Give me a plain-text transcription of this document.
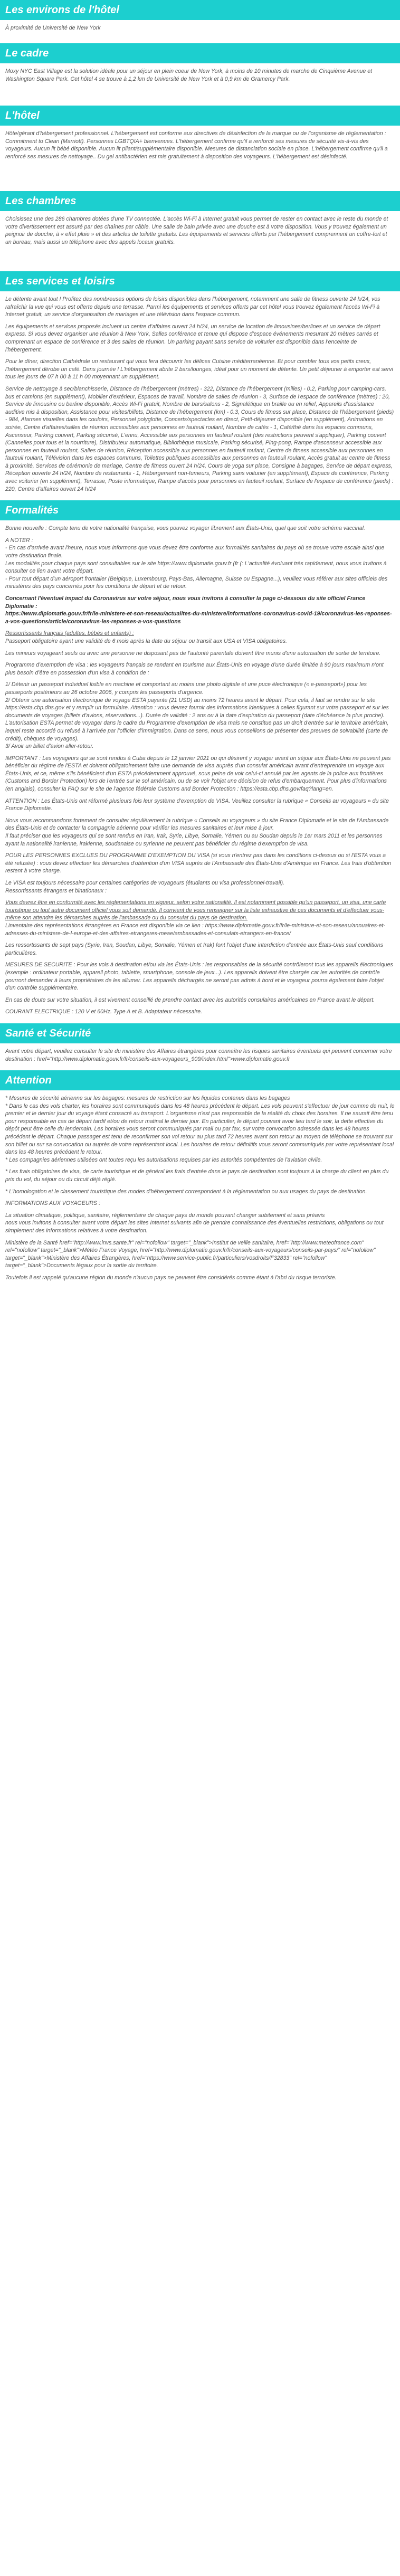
Les environs de l'hôtel

À proximité de Université de New York

Le cadre

Moxy NYC East Village est la solution idéale pour un séjour en plein coeur de New York, à moins de 10 minutes de marche de Cinquième Avenue et Washington Square Park. Cet hôtel 4 se trouve à 1,2 km de Université de New York et à 0,9 km de Gramercy Park.

L'hôtel

Hôte/gérant d'hébergement professionnel. L'hébergement est conforme aux directives de désinfection de la marque ou de l'organisme de réglementation : Commitment to Clean (Marriott). Personnes LGBTQIA+ bienvenues. L'hébergement confirme qu'il a renforcé ses mesures de sécurité vis-à-vis des voyageurs. Aucun lit bébé disponible. Aucun lit pliant/supplémentaire disponible. Mesures de distanciation sociale en place. L'hébergement confirme qu'il a renforcé ses mesures de nettoyage.. Du gel antibactérien est mis gratuitement à disposition des voyageurs. L'hébergement est désinfecté.

Les chambres

Choisissez une des 286 chambres dotées d'une TV connectée. L'accès Wi-Fi à Internet gratuit vous permet de rester en contact avec le reste du monde et votre divertissement est assuré par des chaînes par câble. Une salle de bain privée avec une douche est à votre disposition. Vous y trouvez également un peignoir de douche, à « effet pluie » et des articles de toilette gratuits. Les équipements et services offerts par l'hébergement comprennent un coffre-fort et un bureau, mais aussi un téléphone avec des appels locaux gratuits.

Les services et loisirs

Le détente avant tout ! Profitez des nombreuses options de loisirs disponibles dans l'hébergement, notamment une salle de fitness ouverte 24 h/24, vos rafraîchir la vue qui vous est offerte depuis une terrasse. Parmi les équipements et services offerts par cet hôtel vous trouvez également l'accès Wi-Fi à Internet gratuit, un service d'organisation de mariages et une télévision dans l'espace commun.

Les équipements et services proposés incluent un centre d'affaires ouvert 24 h/24, un service de location de limousines/berlines et un service de départ express. Si vous devez organiser une réunion à New York, Salles conférence et tenue qui dispose d'espace événements mesurant 20 mètres carrés et comprenant un espace de conférence et 3 des salles de réunion. Un parking payant sans service de voiturier est disponible dans l'enceinte de l'hébergement.

Pour le dîner, direction Cathédrale un restaurant qui vous fera découvrir les délices Cuisine méditerranéenne. Et pour combler tous vos petits creux, l'hébergement dérobe un café. Dans journée ! L'hébergement abrite 2 bars/lounges, idéal pour un moment de détente. Un petit déjeuner à emporter est servi tous les jours de 07 h 00 à 11 h 00 moyennant un supplément.

Service de nettoyage à sec/blanchisserie, Distance de l'hébergement (mètres) - 322, Distance de l'hébergement (milles) - 0.2, Parking pour camping-cars, bus et camions (en supplément), Mobilier d'extérieur, Espaces de travail, Nombre de salles de réunion - 3, Surface de l'espace de conférence (mètres) : 20, Service de limousine ou berline disponible, Accès Wi-Fi gratuit, Nombre de bars/salons - 2, Signalétique en braille ou en relief, Appareils d'assistance auditive mis à disposition, Assistance pour visites/billets, Distance de l'hébergement (km) - 0.3, Cours de fitness sur place, Distance de l'hébergement (pieds) - 984, Alarmes visuelles dans les couloirs, Personnel polyglotte, Concerts/spectacles en direct, Petit-déjeuner disponible (en supplément), Animations en soirée, Centre d'affaires/salles de réunion accessibles aux personnes en fauteuil roulant, Nombre de cafés - 1, Café/thé dans les espaces communs, Ascenseur, Parking couvert, Parking sécurisé, L'ennu, Accessible aux personnes en fauteuil roulant (des restrictions peuvent s'appliquer), Parking couvert (Cannelles pour tous et la nourriture), Distributeur automatique, Bibliothèque musicale, Parking sécurisé, Ping-pong, Rampe d'ascenseur accessible aux personnes en fauteuil roulant, Salles de réunion, Réception accessible aux personnes en fauteuil roulant, Centre de fitness accessible aux personnes en fauteuil roulant, Télévision dans les espaces communs, Toilettes publiques accessibles aux personnes en fauteuil roulant, Accès gratuit au centre de fitness à proximité, Services de cérémonie de mariage, Centre de fitness ouvert 24 h/24, Cours de yoga sur place, Consigne à bagages, Service de départ express, Réception ouverte 24 h/24, Nombre de restaurants - 1, Hébergement non-fumeurs, Parking sans voiturier (en supplément), Espace de conférence, Parking avec voiturier (en supplément), Terrasse, Poste informatique, Rampe d'accès pour personnes en fauteuil roulant, Surface de l'espace de conférence (pieds) : 220, Centre d'affaires ouvert 24 h/24

Formalités

Bonne nouvelle : Compte tenu de votre nationalité française, vous pouvez voyager librement aux États-Unis, quel que soit votre schéma vaccinal.

A NOTER :

- En cas d'arrivée avant l'heure, nous vous informons que vous devez être conforme aux formalités sanitaires du pays où se trouve votre escale ainsi que votre destination finale.

Les modalités pour chaque pays sont consultables sur le site https://www.diplomatie.gouv.fr (fr (: L'actualité évoluant très rapidement, nous vous invitons à consulter ce lien avant votre départ.

- Pour tout départ d'un aéroport frontalier (Belgique, Luxembourg, Pays-Bas, Allemagne, Suisse ou Espagne...), veuillez vous référer aux sites officiels des ministères des pays concernés pour les conditions de départ et de retour.

Concernant l'éventuel impact du Coronavirus sur votre séjour, nous vous invitons à consulter la page ci-dessous du site officiel France Diplomatie :

https://www.diplomatie.gouv.fr/fr/le-ministere-et-son-reseau/actualites-du-ministere/informations-coronavirus-covid-19/coronavirus-les-reponses-a-vos-questions/article/coronavirus-les-reponses-a-vos-questions

Ressortissants français (adultes, bébés et enfants) :

Passeport obligatoire ayant une validité de 6 mois après la date du séjour ou transit aux USA et VISA obligatoires.

Les mineurs voyageant seuls ou avec une personne ne disposant pas de l'autorité parentale doivent être munis d'une autorisation de sortie de territoire.

Programme d'exemption de visa : les voyageurs français se rendant en tourisme aux États-Unis en voyage d'une durée limitée à 90 jours maximum n'ont plus besoin d'être en possession d'un visa à condition de :

1/ Détenir un passeport individuel lisible en machine et comportant au moins une photo digitale et une puce électronique (« e-passeport») pour les passeports postérieurs au 26 octobre 2006, y compris les passeports d'urgence.

2/ Obtenir une autorisation électronique de voyage ESTA payante (21 USD) au moins 72 heures avant le départ. Pour cela, il faut se rendre sur le site https://esta.cbp.dhs.gov et y remplir un formulaire. Attention : vous devrez fournir des informations identiques à celles figurant sur votre passeport et sur les documents de voyages (billets d'avions, réservations...). Durée de validité : 2 ans ou à la date d'expiration du passeport (date d'échéance la plus proche).

L'autorisation ESTA permet de voyager dans le cadre du Programme d'exemption de visa mais ne constitue pas un droit d'entrée sur le territoire américain, lequel reste accordé ou refusé à l'arrivée par l'officier d'immigration. Dans ce sens, nous vous conseillons de présenter des preuves de solvabilité (carte de crédit), chèques de voyages).

3/ Avoir un billet d'avion aller-retour.

IMPORTANT : Les voyageurs qui se sont rendus à Cuba depuis le 12 janvier 2021 ou qui désirent y voyager avant un séjour aux États-Unis ne peuvent pas bénéficier du régime de l'ESTA et doivent obligatoirement faire une demande de visa auprès d'un consulat américain avant d'entreprendre un voyage aux États-Unis, et ce, même s'ils bénéficient d'un ESTA précédemment approuvé, sous peine de voir celui-ci annulé par les agents de la police aux frontières (Customs and Border Protection) lors de l'entrée sur le sol américain, ou de se voir l'objet une décision de refus d'embarquement. Pour plus d'informations (en anglais), consulter la FAQ sur le site de l'agence fédérale Customs and Border Protection : https://esta.cbp.dhs.gov/faq?lang=en.

ATTENTION : Les États-Unis ont réformé plusieurs fois leur système d'exemption de VISA. Veuillez consulter la rubrique « Conseils au voyageurs » du site France Diplomatie.

Nous vous recommandons fortement de consulter régulièrement la rubrique « Conseils au voyageurs » du site France Diplomatie et le site de l'Ambassade des États-Unis et de contacter la compagnie aérienne pour vérifier les mesures sanitaires et leur mise à jour.

Il faut préciser que les voyageurs qui se sont rendus en Iran, Irak, Syrie, Libye, Somalie, Yémen ou au Soudan depuis le 1er mars 2011 et les personnes ayant la nationalité iranienne, irakienne, soudanaise ou syrienne ne peuvent pas bénéficier du régime d'exemption de visa.

POUR LES PERSONNES EXCLUES DU PROGRAMME D'EXEMPTION DU VISA (si vous n'entrez pas dans les conditions ci-dessus ou si l'ESTA vous a été refusée) : vous devez effectuer les démarches d'obtention d'un VISA auprès de l'Ambassade des États-Unis d'Amérique en France. Les frais d'obtention restent à votre charge.

Le VISA est toujours nécessaire pour certaines catégories de voyageurs (étudiants ou visa professionnel-travail).

Ressortissants étrangers et binationaux :

Vous devrez être en conformité avec les réglementations en vigueur, selon votre nationalité. Il est notamment possible qu'un passeport, un visa, une carte touristique ou tout autre document officiel vous soit demandé. Il convient de vous renseigner sur la liste exhaustive de ces documents et d'effectuer vous-même son attendre les démarches auprès de l'ambassade ou du consulat du pays de destination.

Linventaire des représentations étrangères en France est disponible via ce lien : https://www.diplomatie.gouv.fr/fr/le-ministere-et-son-reseau/annuaires-et-adresses-du-ministere-de-l-europe-et-des-affaires-etrangeres-meae/ambassades-et-consulats-etrangers-en-france/

Les ressortissants de sept pays (Syrie, Iran, Soudan, Libye, Somalie, Yémen et Irak) font l'objet d'une interdiction d'entrée aux États-Unis sauf conditions particulières.

MESURES DE SECURITE : Pour les vols à destination et/ou via les États-Unis : les responsables de la sécurité contrôleront tous les appareils électroniques (exemple : ordinateur portable, appareil photo, tablette, smartphone, console de jeux...). Les appareils doivent être chargés car les autorités de contrôle pourront demander à leurs propriétaires de les allumer. Les appareils déchargés ne seront pas admis à bord et le voyageur pourra également faire l'objet d'un contrôle supplémentaire.

En cas de doute sur votre situation, il est vivement conseillé de prendre contact avec les autorités consulaires américaines en France avant le départ.

COURANT ELECTRIQUE : 120 V et 60Hz. Type A et B. Adaptateur nécessaire.

Santé et Sécurité

Avant votre départ, veuillez consulter le site du ministère des Affaires étrangères pour connaître les risques sanitaires éventuels qui peuvent concerner votre destination : href="http://www.diplomatie.gouv.fr/fr/conseils-aux-voyageurs_909/index.html">www.diplomatie.gouv.fr

Attention

* Mesures de sécurité aérienne sur les bagages: mesures de restriction sur les liquides contenus dans les bagages

* Dans le cas des vols charter, les horaires sont communiqués dans les 48 heures précédent le départ. Les vols peuvent s'effectuer de jour comme de nuit, le premier et le dernier jour du voyage étant consacré au transport. L'organisme n'est pas responsable de la réalité du choix des horaires. Il ne saurait être tenu pour responsable en cas de départ tardif et/ou de retour matinal le dernier jour. En particulier, le départ pouvant avoir lieu tard le soir, la dette effective du dépôt peut être celle du lendemain. Les horaires vous seront communiqués par mail ou par fax, sur votre convocation adressée dans les 48 heures précédent le départ. Chaque passager est tenu de reconfirmer son vol retour au plus tard 72 heures avant son retour au moyen de téléphone se trouvant sur son billet ou sur sa convocation ou auprès de votre représentant local. Les horaires de retour définitifs vous seront communiqués par votre représentant local dans les 48 heures précédent le retour.

* Les compagnies aériennes utilisées ont toutes reçu les autorisations requises par les autorités compétentes de l'aviation civile.

* Les frais obligatoires de visa, de carte touristique et de général les frais d'entrée dans le pays de destination sont toujours à la charge du client en plus du prix du vol, du séjour ou du circuit déjà réglé.

* L'homologation et le classement touristique des modes d'hébergement correspondent à la réglementation ou aux usages du pays de destination.

INFORMATIONS AUX VOYAGEURS :

La situation climatique, politique, sanitaire, réglementaire de chaque pays du monde pouvant changer subitement et sans préavis

nous vous invitons à consulter avant votre départ les sites Internet suivants afin de prendre connaissance des éventuelles restrictions, obligations ou tout simplement des informations relatives à votre destination.

Ministère de la Santé href="http://www.invs.sante.fr" rel="nofollow" target="_blank">Institut de veille sanitaire, href="http://www.meteofrance.com" rel="nofollow" target="_blank">Météo France Voyage, href="http://www.diplomatie.gouv.fr/fr/conseils-aux-voyageurs/conseils-par-pays/" rel="nofollow" target="_blank">Ministère des Affaires Étrangères, href="https://www.service-public.fr/particuliers/vosdroits/F32833" rel="nofollow" target="_blank">Documents légaux pour la sortie du territoire.

Toutefois il est rappelé qu'aucune région du monde n'aucun pays ne peuvent être considérés comme étant à l'abri du risque terroriste.
